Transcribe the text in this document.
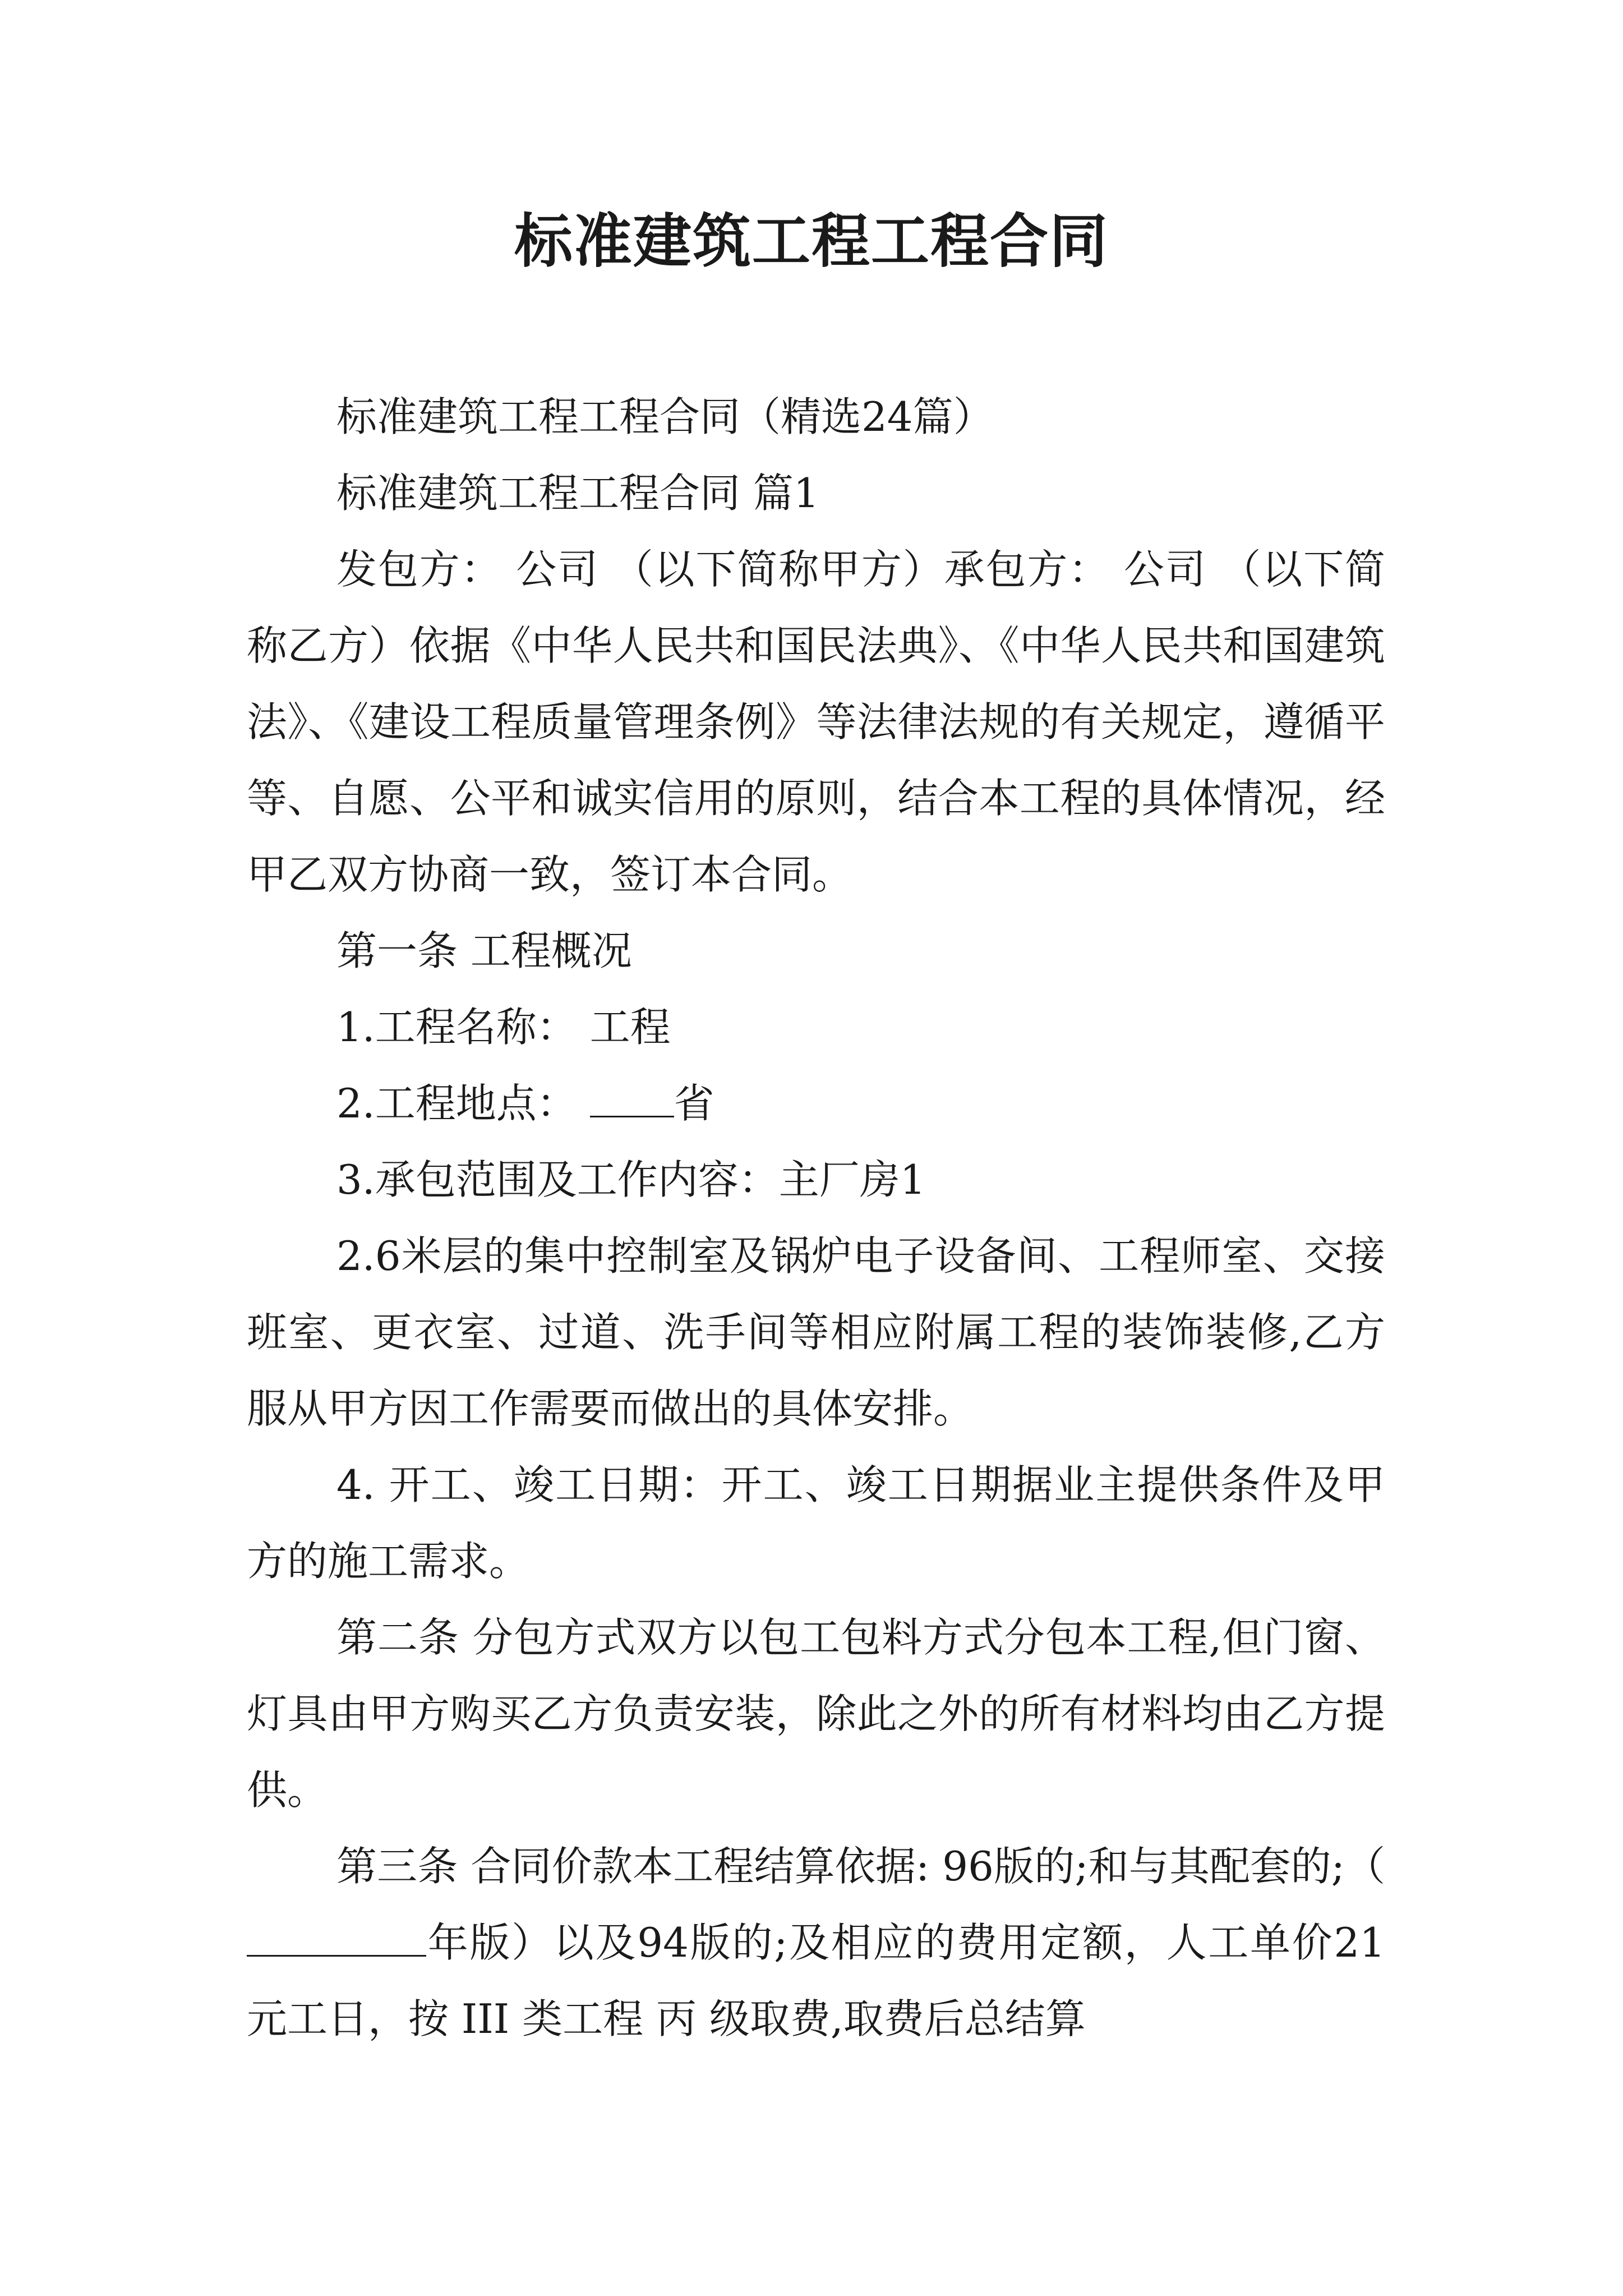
标准建筑工程工程合同

标准建筑工程工程合同（精选24篇）

标准建筑工程工程合同 篇1

发包方： 公司 （以下简称甲方）承包方： 公司 （以下简称乙方）依据《中华人民共和国民法典》、《中华人民共和国建筑法》、《建设工程质量管理条例》等法律法规的有关规定，遵循平等、自愿、公平和诚实信用的原则，结合本工程的具体情况，经甲乙双方协商一致，签订本合同。

第一条 工程概况

1.工程名称： 工程

2.工程地点： 省

3.承包范围及工作内容：主厂房1

2.6米层的集中控制室及锅炉电子设备间、工程师室、交接班室、更衣室、过道、洗手间等相应附属工程的装饰装修,乙方服从甲方因工作需要而做出的具体安排。

4. 开工、竣工日期：开工、竣工日期据业主提供条件及甲方的施工需求。

第二条 分包方式双方以包工包料方式分包本工程,但门窗、灯具由甲方购买乙方负责安装，除此之外的所有材料均由乙方提供。

第三条 合同价款本工程结算依据: 96版的;和与其配套的;（年版）以及94版的;及相应的费用定额，人工单价21元工日，按 III 类工程 丙 级取费,取费后总结算
